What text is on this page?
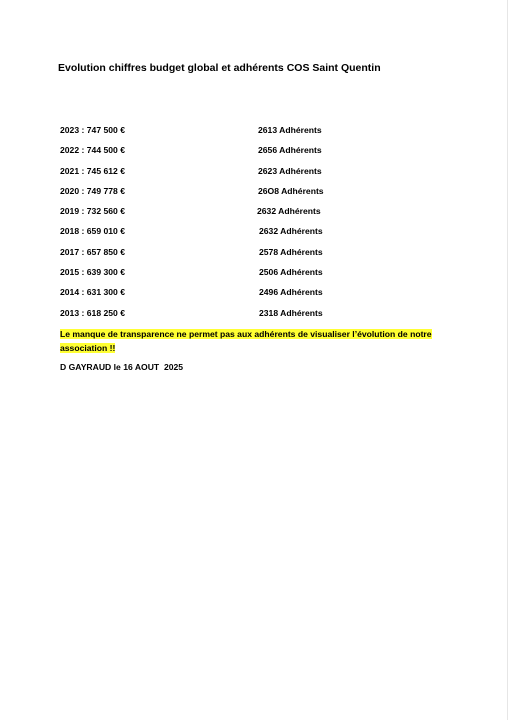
Evolution chiffres budget global et adhérents COS Saint Quentin
2023 : 747 500 €	2613 Adhérents
2022 : 744 500 €	2656 Adhérents
2021 : 745 612 €	2623 Adhérents
2020 : 749 778 €	26O8 Adhérents
2019 : 732 560 €	2632 Adhérents
2018 : 659 010 €	2632 Adhérents
2017 : 657 850 €	2578 Adhérents
2015 : 639 300 €	2506 Adhérents
2014 : 631 300 €	2496 Adhérents
2013 : 618 250 €	2318 Adhérents
Le manque de transparence ne permet pas aux adhérents de visualiser l’évolution de notre association !!
D GAYRAUD le 16 AOUT  2025
